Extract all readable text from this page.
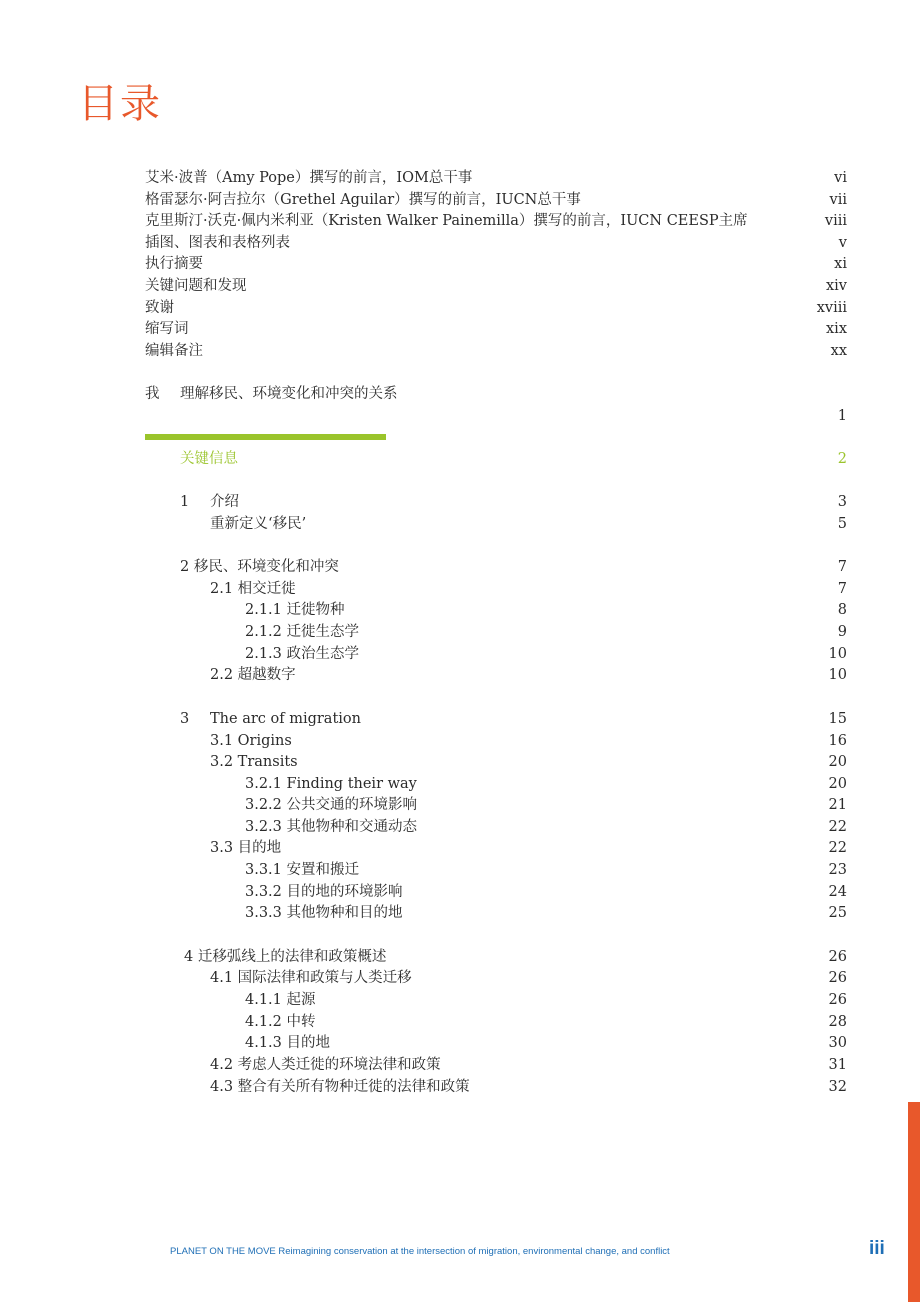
目录
艾米·波普（Amy Pope）撰写的前言，IOM总干事	vi
格雷瑟尔·阿吉拉尔（Grethel Aguilar）撰写的前言，IUCN总干事	vii
克里斯汀·沃克·佩内米利亚（Kristen Walker Painemilla）撰写的前言，IUCN CEESP主席	viii
插图、图表和表格列表	v
执行摘要	xi
关键问题和发现	xiv
致谢	xviii
缩写词	xix
编辑备注	xx
我 理解移民、环境变化和冲突的关系
1
关键信息	2
1 介绍	3
重新定义‘移民’	5
2 移民、环境变化和冲突	7
2.1 相交迁徙	7
2.1.1 迁徙物种	8
2.1.2 迁徙生态学	9
2.1.3 政治生态学	10
2.2 超越数字	10
3 The arc of migration	15
3.1 Origins	16
3.2 Transits	20
3.2.1 Finding their way	20
3.2.2 公共交通的环境影响	21
3.2.3 其他物种和交通动态	22
3.3 目的地	22
3.3.1 安置和搬迁	23
3.3.2 目的地的环境影响	24
3.3.3 其他物种和目的地	25
4 迁移弧线上的法律和政策概述	26
4.1 国际法律和政策与人类迁移	26
4.1.1 起源	26
4.1.2 中转	28
4.1.3 目的地	30
4.2 考虑人类迁徙的环境法律和政策	31
4.3 整合有关所有物种迁徙的法律和政策	32
PLANET ON THE MOVE Reimagining conservation at the intersection of migration, environmental change, and conflict	iii
